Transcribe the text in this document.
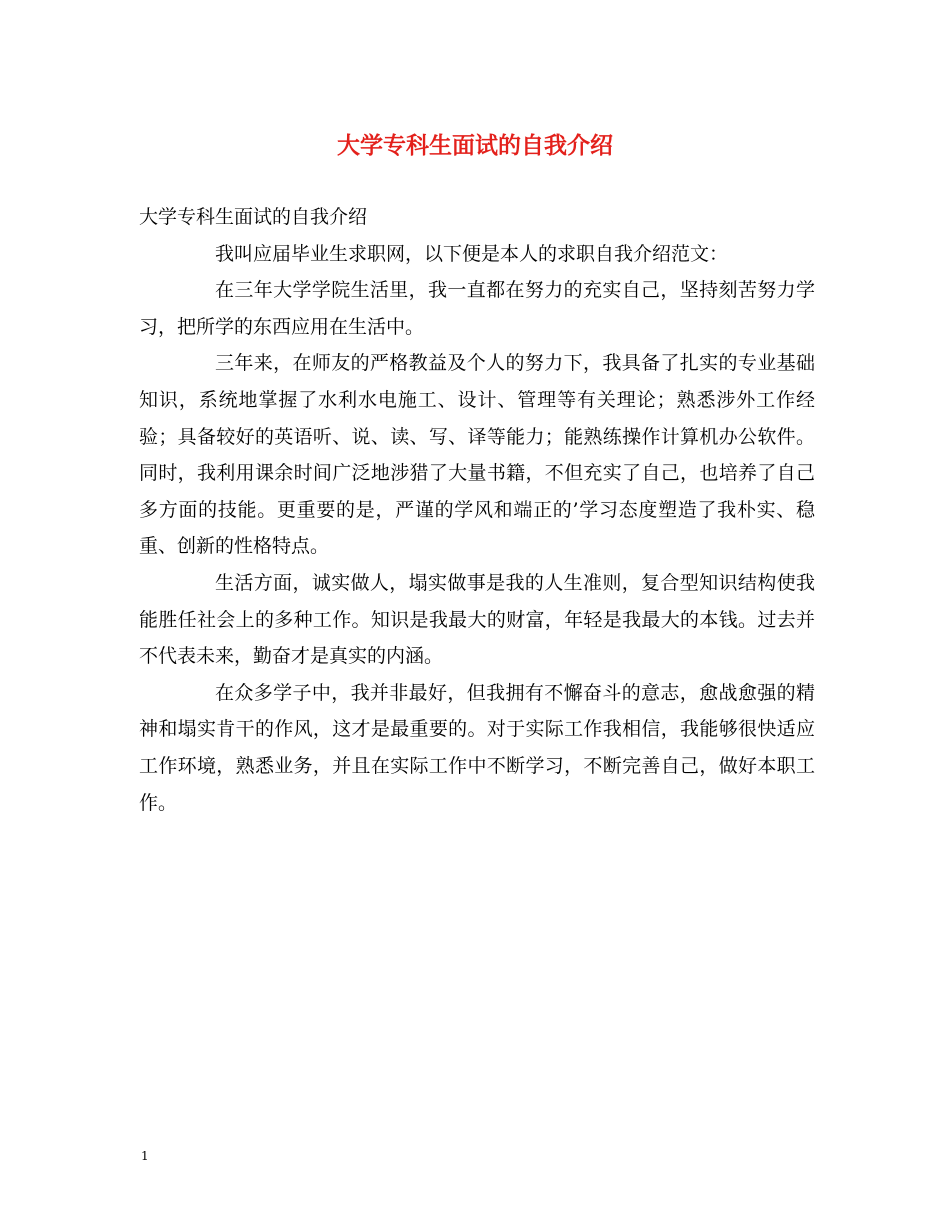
大学专科生面试的自我介绍

大学专科生面试的自我介绍

我叫应届毕业生求职网，以下便是本人的求职自我介绍范文：

在三年大学学院生活里，我一直都在努力的充实自己，坚持刻苦努力学习，把所学的东西应用在生活中。

三年来，在师友的严格教益及个人的努力下，我具备了扎实的专业基础知识，系统地掌握了水利水电施工、设计、管理等有关理论；熟悉涉外工作经验；具备较好的英语听、说、读、写、译等能力；能熟练操作计算机办公软件。同时，我利用课余时间广泛地涉猎了大量书籍，不但充实了自己，也培养了自己多方面的技能。更重要的是，严谨的学风和端正的’学习态度塑造了我朴实、稳重、创新的性格特点。

生活方面，诚实做人，塌实做事是我的人生准则，复合型知识结构使我能胜任社会上的多种工作。知识是我最大的财富，年轻是我最大的本钱。过去并不代表未来，勤奋才是真实的内涵。

在众多学子中，我并非最好，但我拥有不懈奋斗的意志，愈战愈强的精神和塌实肯干的作风，这才是最重要的。对于实际工作我相信，我能够很快适应工作环境，熟悉业务，并且在实际工作中不断学习，不断完善自己，做好本职工作。

1
